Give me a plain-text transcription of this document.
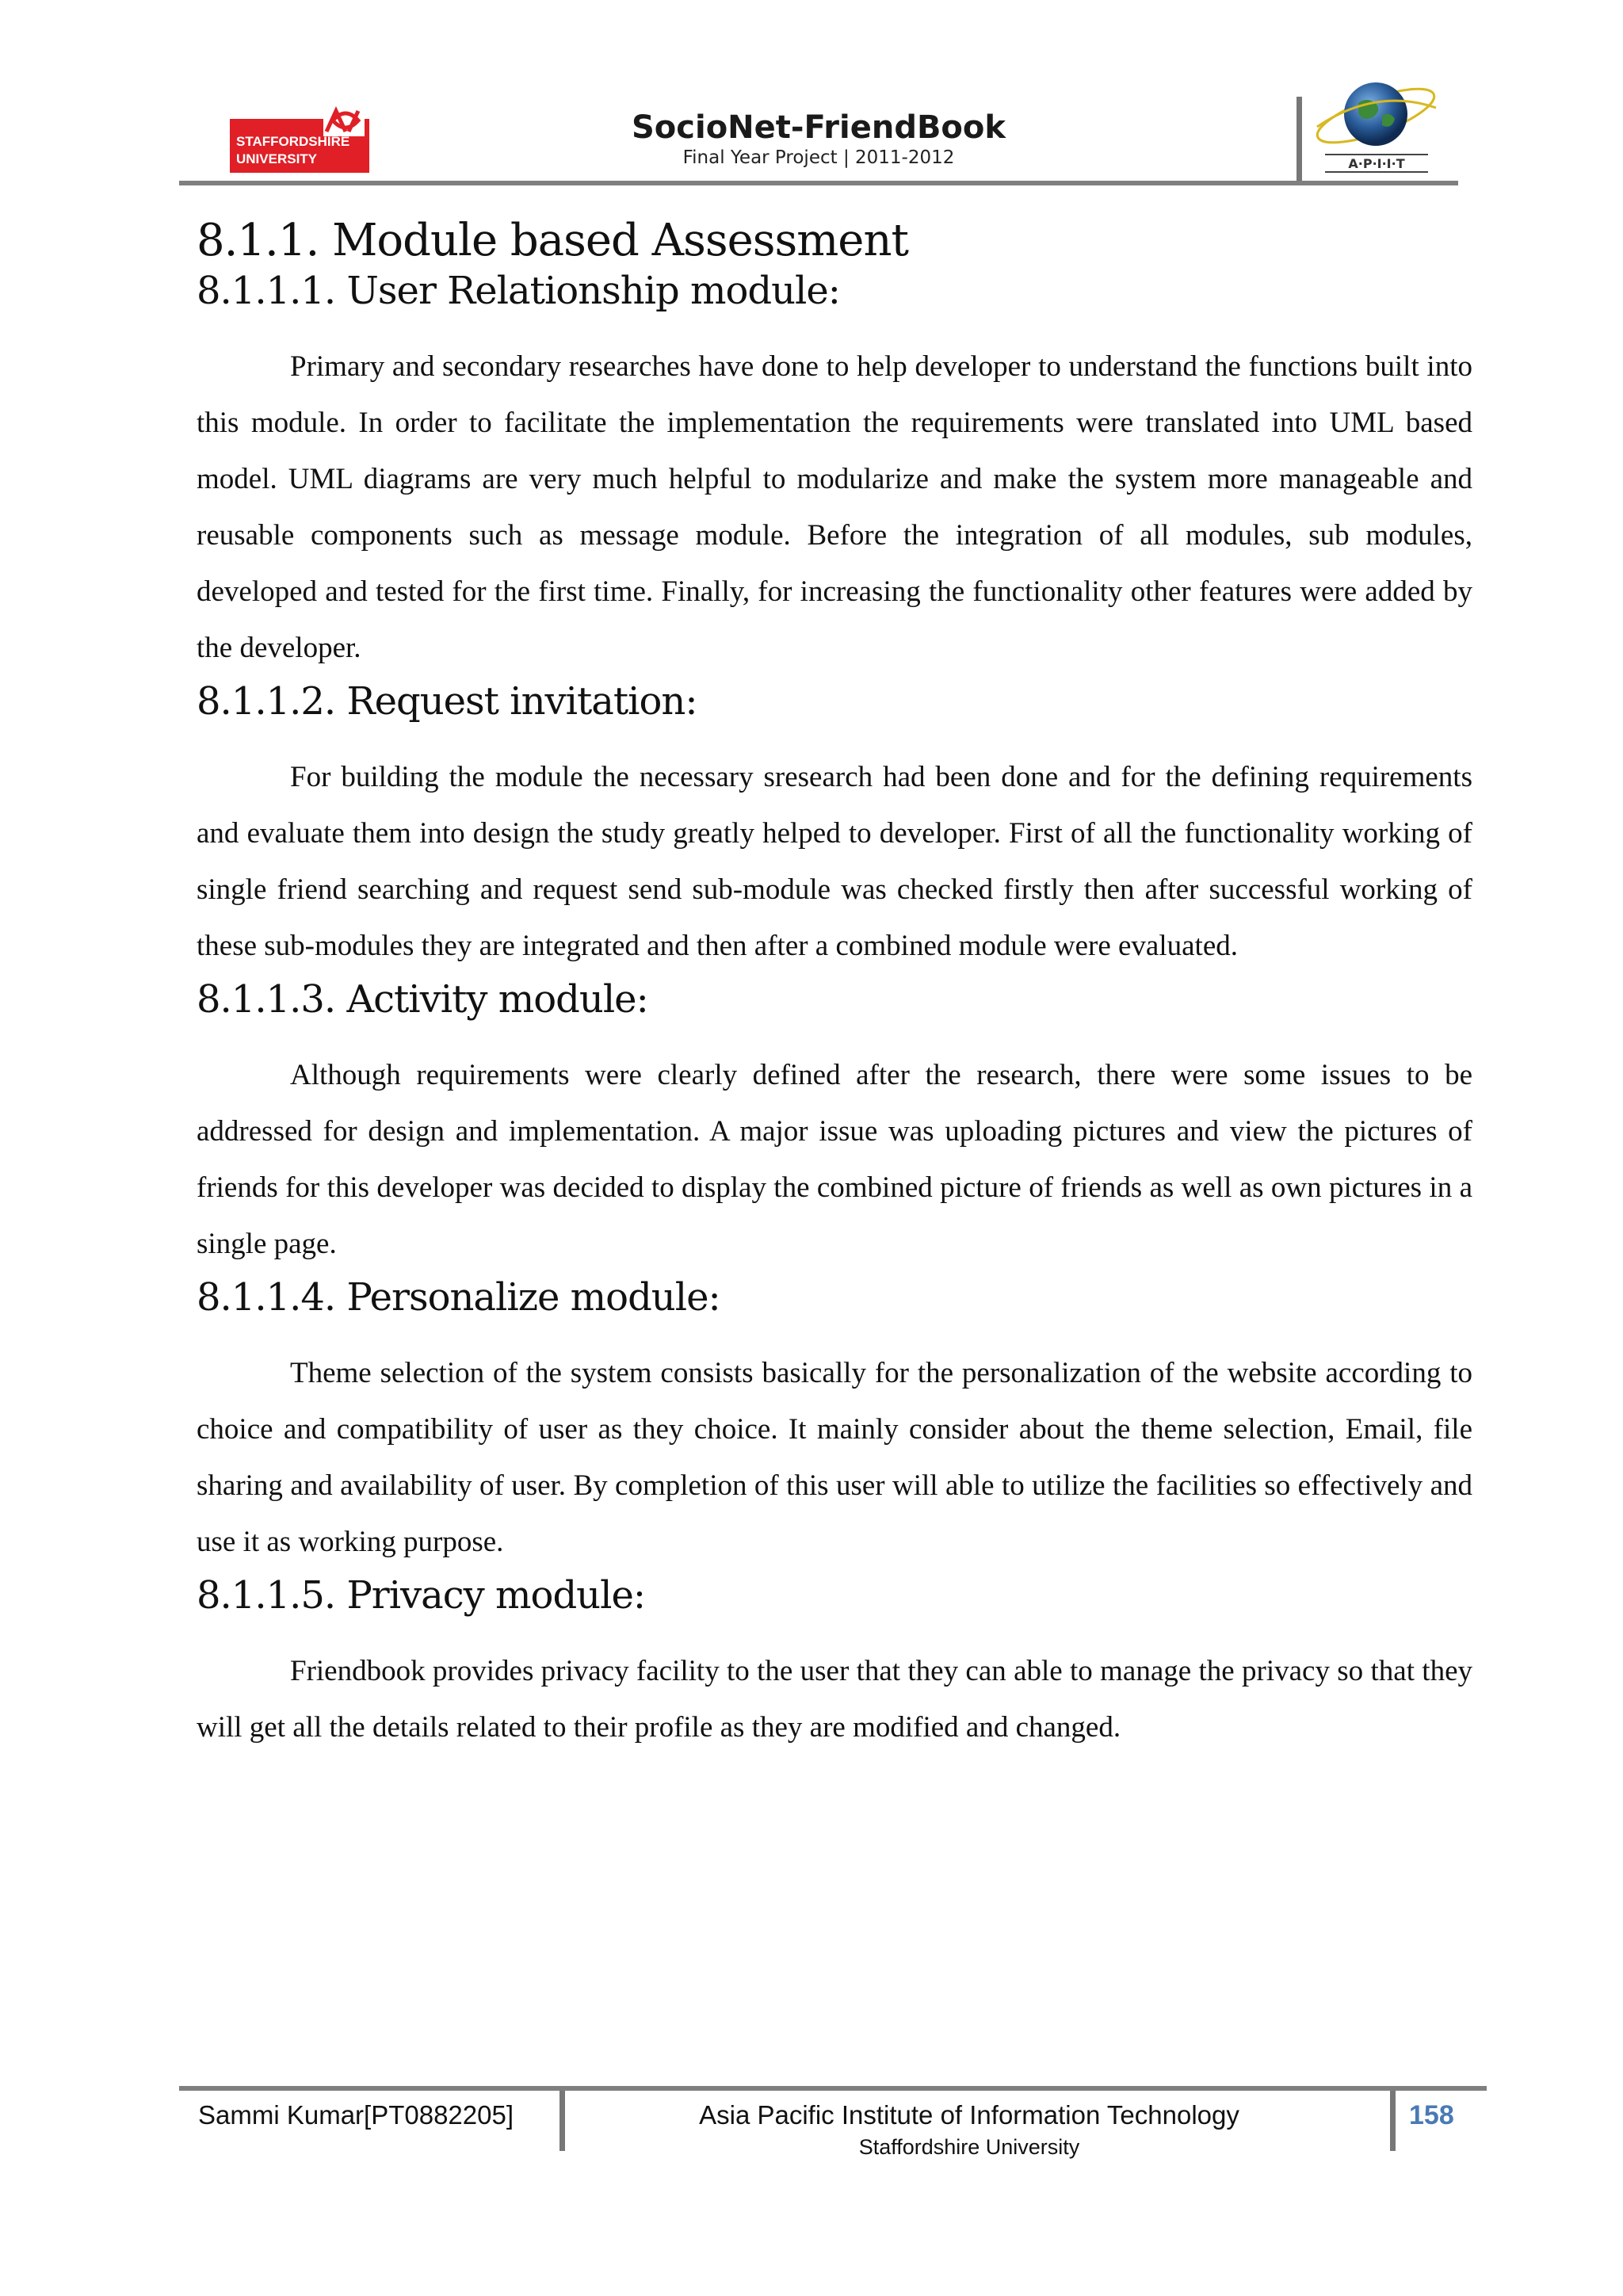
STAFFORDSHIRE
UNIVERSITY
SocioNet-FriendBook
Final Year Project | 2011-2012	A·P·I·I·T
8.1.1. Module based Assessment
8.1.1.1. User Relationship module:

Primary and secondary researches have done to help developer to understand the functions built into this module. In order to facilitate the implementation the requirements were translated into UML based model. UML diagrams are very much helpful to modularize and make the system more manageable and reusable components such as message module. Before the integration of all modules, sub modules, developed and tested for the first time. Finally, for increasing the functionality other features were added by the developer.

8.1.1.2. Request invitation:

For building the module the necessary sresearch had been done and for the defining requirements and evaluate them into design the study greatly helped to developer. First of all the functionality working of single friend searching and request send sub-module was checked firstly then after successful working of these sub-modules they are integrated and then after a combined module were evaluated.

8.1.1.3. Activity module:

Although requirements were clearly defined after the research, there were some issues to be addressed for design and implementation. A major issue was uploading pictures and view the pictures of friends for this developer was decided to display the combined picture of friends as well as own pictures in a single page.

8.1.1.4. Personalize module:

Theme selection of the system consists basically for the personalization of the website according to choice and compatibility of user as they choice. It mainly consider about the theme selection, Email, file sharing and availability of user. By completion of this user will able to utilize the facilities so effectively and use it as working purpose.

8.1.1.5. Privacy module:

Friendbook provides privacy facility to the user that they can able to manage the privacy so that they will get all the details related to their profile as they are modified and changed.

Sammi Kumar[PT0882205]	Asia Pacific Institute of Information Technology
Staffordshire University
158
